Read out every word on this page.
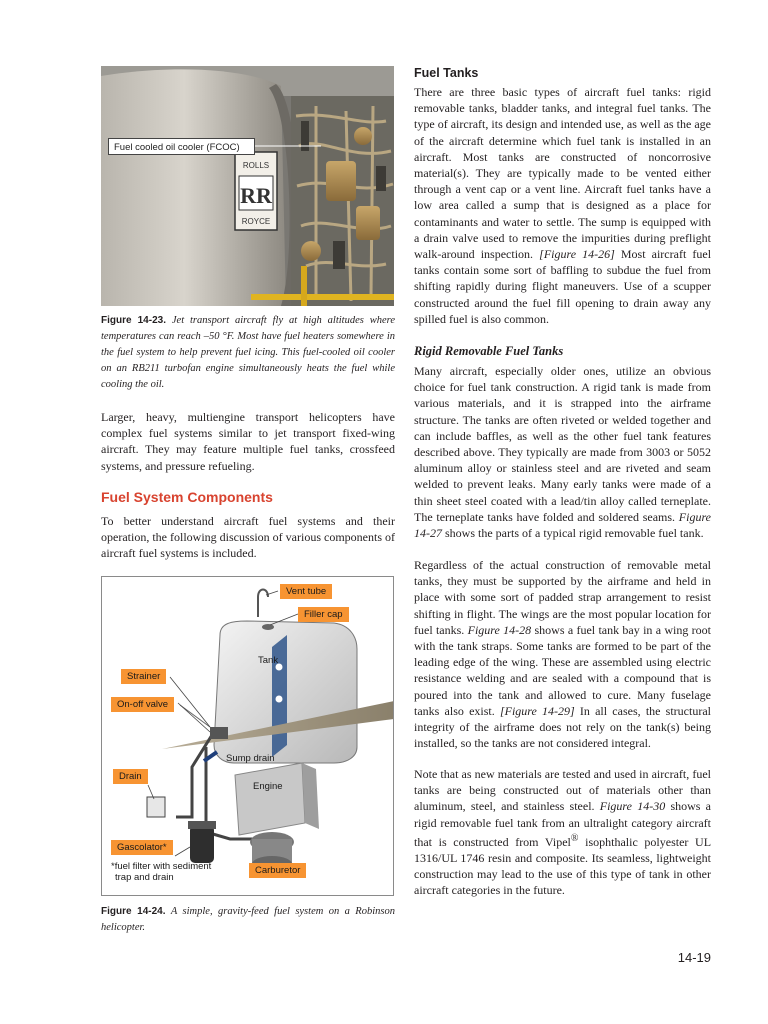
ROLLS
RR
ROYCE
Fuel cooled oil cooler (FCOC)
Figure 14-23. Jet transport aircraft fly at high altitudes where temperatures can reach –50 °F. Most have fuel heaters somewhere in the fuel system to help prevent fuel icing. This fuel-cooled oil cooler on an RB211 turbofan engine simultaneously heats the fuel while cooling the oil.
Larger, heavy, multiengine transport helicopters have complex fuel systems similar to jet transport fixed-wing aircraft. They may feature multiple fuel tanks, crossfeed systems, and pressure refueling.
Fuel System Components
To better understand aircraft fuel systems and their operation, the following discussion of various components of aircraft fuel systems is included.
Vent tube
Filler cap
Tank
Strainer
On-off valve
Sump drain
Drain
Engine
Gascolator*
*fuel filter with sediment
trap and drain
Carburetor
Figure 14-24. A simple, gravity-feed fuel system on a Robinson helicopter.
Fuel Tanks
There are three basic types of aircraft fuel tanks: rigid removable tanks, bladder tanks, and integral fuel tanks. The type of aircraft, its design and intended use, as well as the age of the aircraft determine which fuel tank is installed in an aircraft. Most tanks are constructed of noncorrosive material(s). They are typically made to be vented either through a vent cap or a vent line. Aircraft fuel tanks have a low area called a sump that is designed as a place for contaminants and water to settle. The sump is equipped with a drain valve used to remove the impurities during preflight walk-around inspection. [Figure 14-26] Most aircraft fuel tanks contain some sort of baffling to subdue the fuel from shifting rapidly during flight maneuvers. Use of a scupper constructed around the fuel fill opening to drain away any spilled fuel is also common.
Rigid Removable Fuel Tanks
Many aircraft, especially older ones, utilize an obvious choice for fuel tank construction. A rigid tank is made from various materials, and it is strapped into the airframe structure. The tanks are often riveted or welded together and can include baffles, as well as the other fuel tank features described above. They typically are made from 3003 or 5052 aluminum alloy or stainless steel and are riveted and seam welded to prevent leaks. Many early tanks were made of a thin sheet steel coated with a lead/tin alloy called terneplate. The terneplate tanks have folded and soldered seams. Figure 14-27 shows the parts of a typical rigid removable fuel tank.
Regardless of the actual construction of removable metal tanks, they must be supported by the airframe and held in place with some sort of padded strap arrangement to resist shifting in flight. The wings are the most popular location for fuel tanks. Figure 14-28 shows a fuel tank bay in a wing root with the tank straps. Some tanks are formed to be part of the leading edge of the wing. These are assembled using electric resistance welding and are sealed with a compound that is poured into the tank and allowed to cure. Many fuselage tanks also exist. [Figure 14-29] In all cases, the structural integrity of the airframe does not rely on the tank(s) being installed, so the tanks are not considered integral.
Note that as new materials are tested and used in aircraft, fuel tanks are being constructed out of materials other than aluminum, steel, and stainless steel. Figure 14-30 shows a rigid removable fuel tank from an ultralight category aircraft that is constructed from Vipel® isophthalic polyester UL 1316/UL 1746 resin and composite. Its seamless, lightweight construction may lead to the use of this type of tank in other aircraft categories in the future.
14-19
